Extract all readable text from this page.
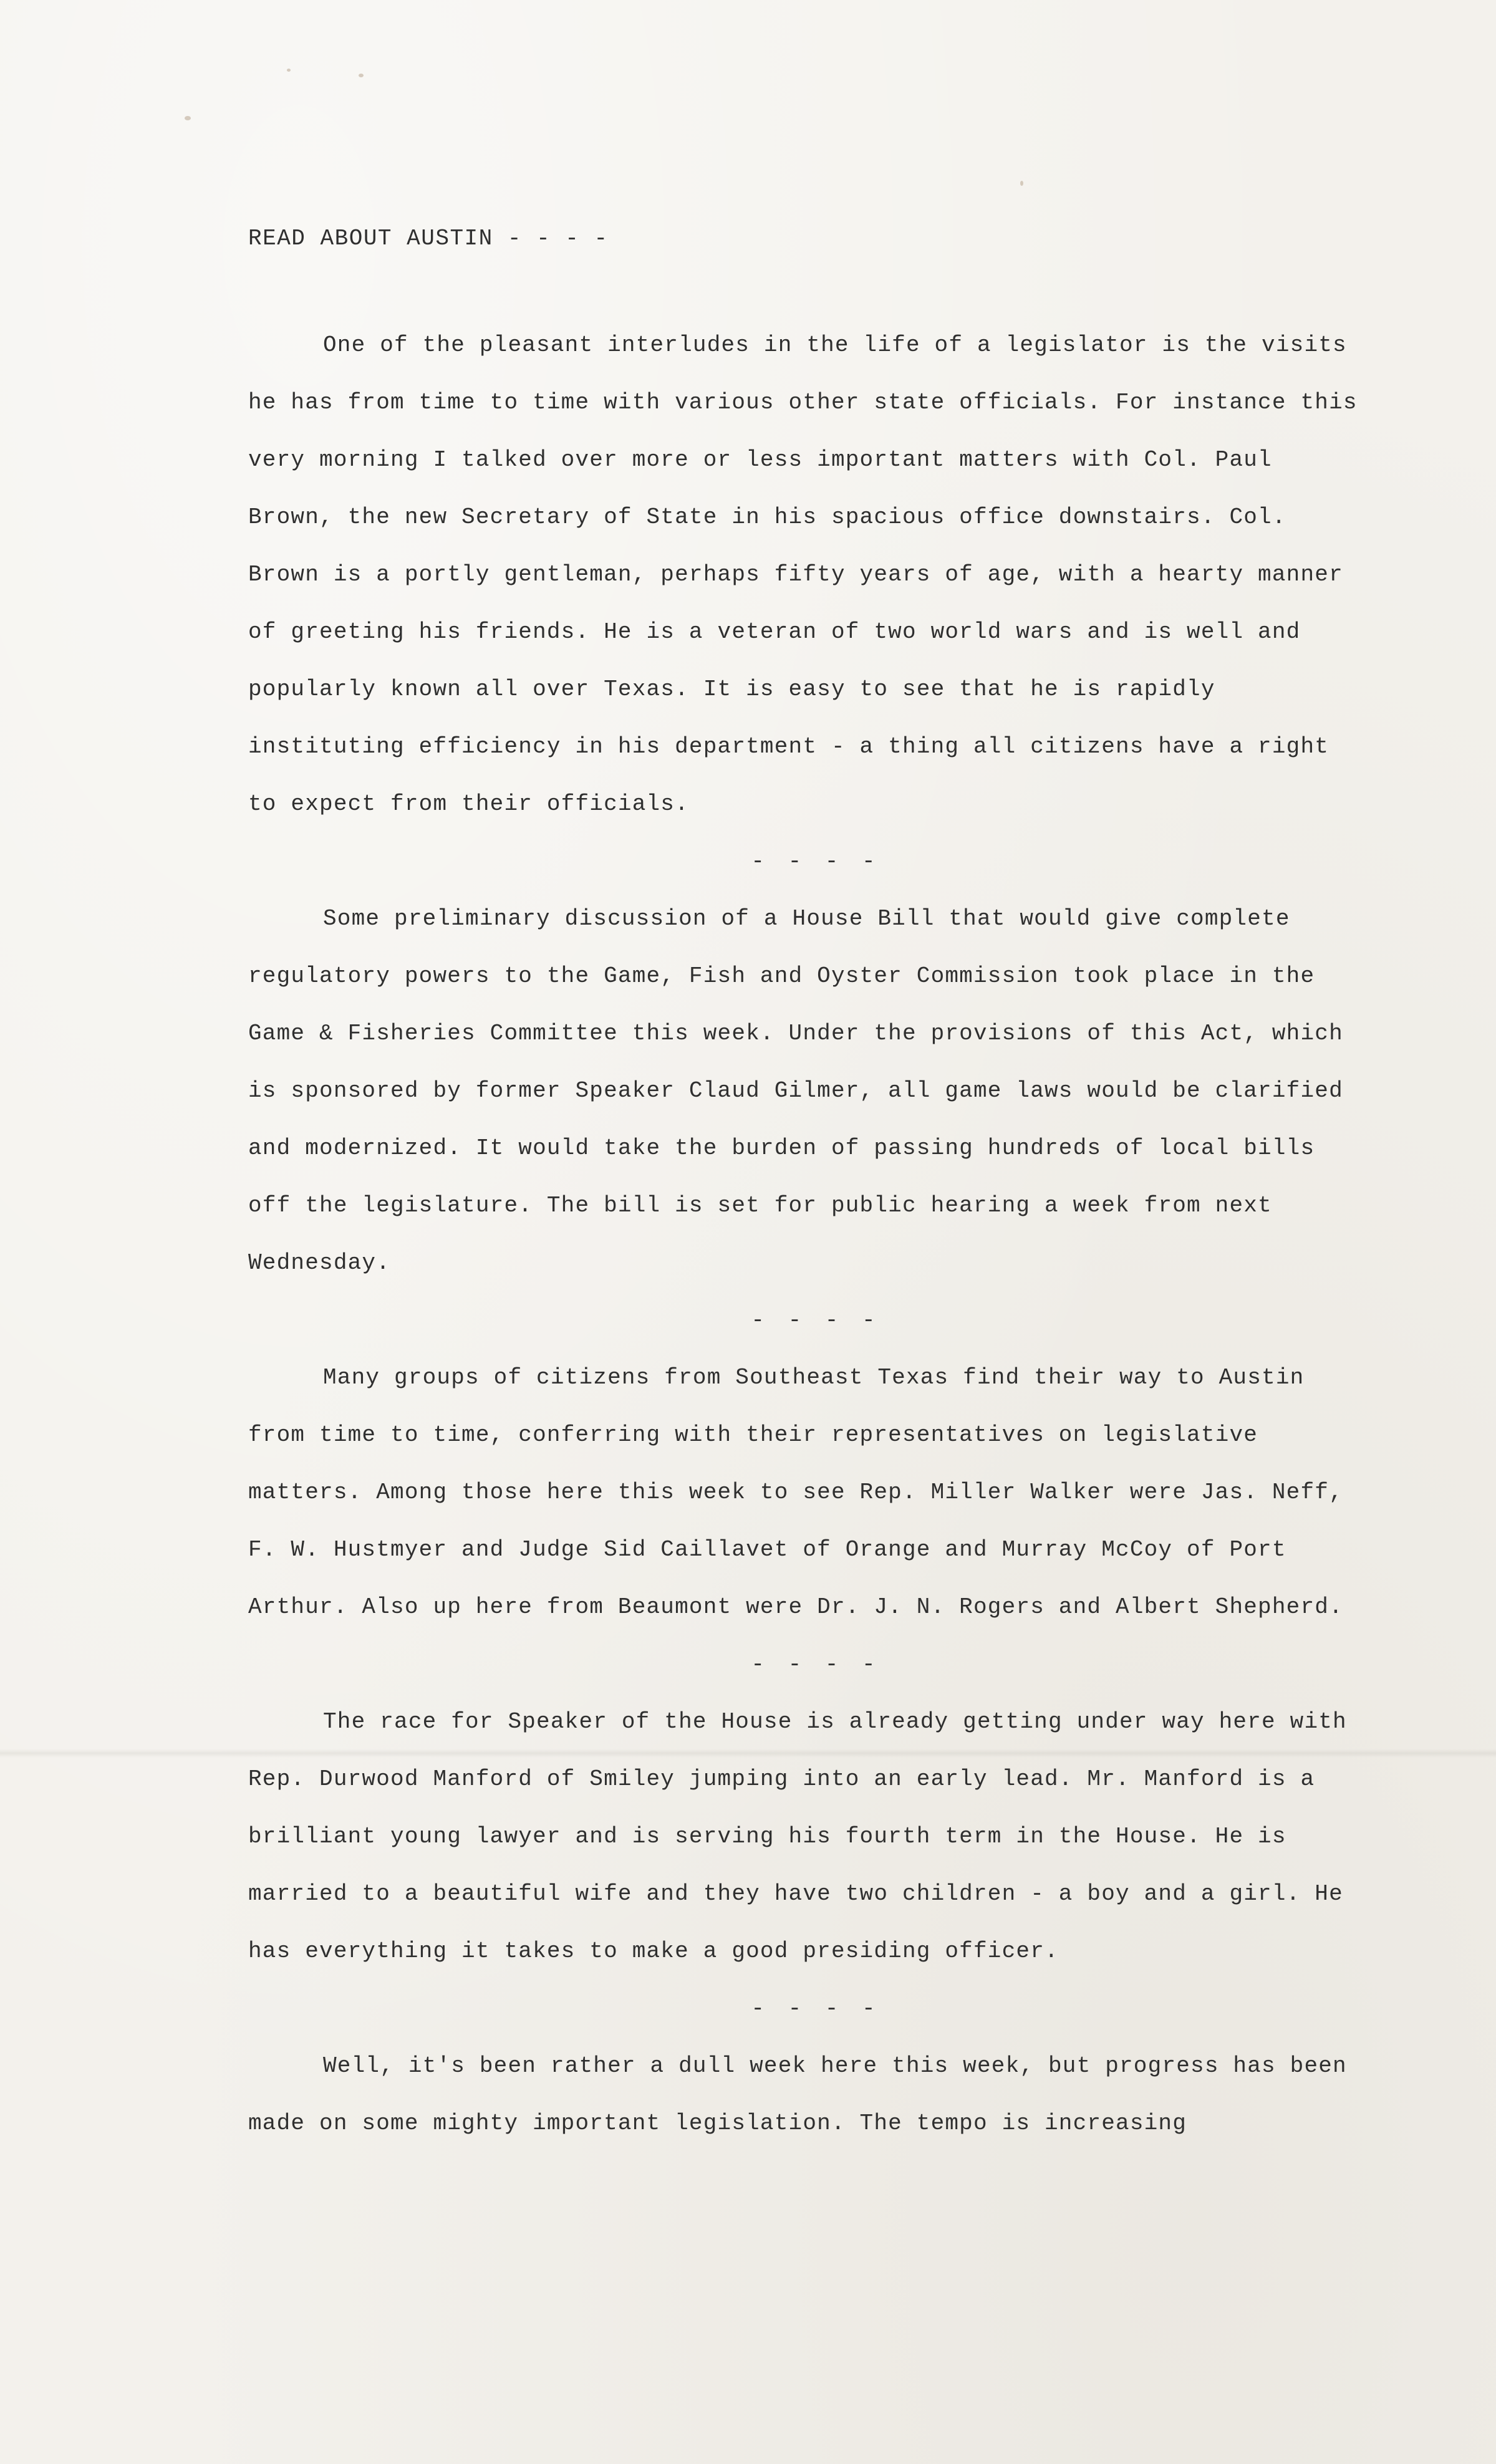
READ ABOUT AUSTIN - - - -

One of the pleasant interludes in the life of a legislator is the visits he has from time to time with various other state officials. For instance this very morning I talked over more or less important matters with Col. Paul Brown, the new Secretary of State in his spacious office downstairs. Col. Brown is a portly gentleman, perhaps fifty years of age, with a hearty manner of greeting his friends. He is a veteran of two world wars and is well and popularly known all over Texas. It is easy to see that he is rapidly instituting efficiency in his department - a thing all citizens have a right to expect from their officials.

- - - -

Some preliminary discussion of a House Bill that would give complete regulatory powers to the Game, Fish and Oyster Commission took place in the Game & Fisheries Committee this week. Under the provisions of this Act, which is sponsored by former Speaker Claud Gilmer, all game laws would be clarified and modernized. It would take the burden of passing hundreds of local bills off the legislature. The bill is set for public hearing a week from next Wednesday.

- - - -

Many groups of citizens from Southeast Texas find their way to Austin from time to time, conferring with their representatives on legislative matters. Among those here this week to see Rep. Miller Walker were Jas. Neff, F. W. Hustmyer and Judge Sid Caillavet of Orange and Murray McCoy of Port Arthur. Also up here from Beaumont were Dr. J. N. Rogers and Albert Shepherd.

- - - -

The race for Speaker of the House is already getting under way here with Rep. Durwood Manford of Smiley jumping into an early lead. Mr. Manford is a brilliant young lawyer and is serving his fourth term in the House. He is married to a beautiful wife and they have two children - a boy and a girl. He has everything it takes to make a good presiding officer.

- - - -

Well, it's been rather a dull week here this week, but progress has been made on some mighty important legislation. The tempo is increasing
